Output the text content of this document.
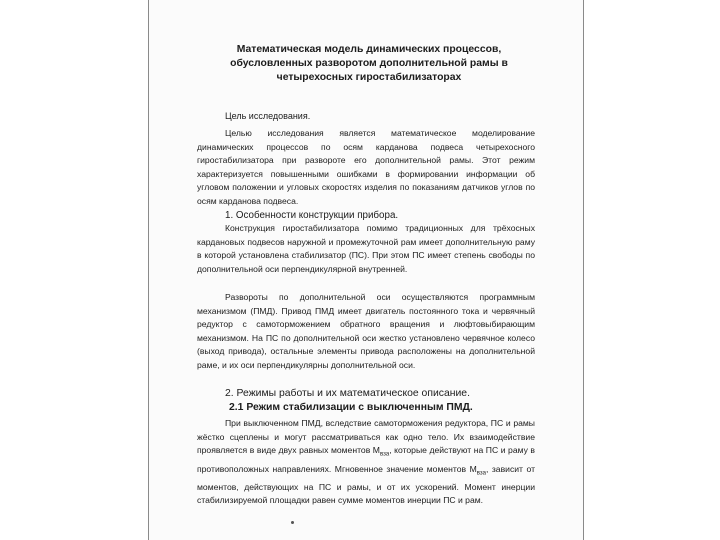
Математическая модель динамических процессов,
обусловленных разворотом дополнительной рамы в
четырехосных гиростабилизаторах
Цель исследования.
Целью исследования является математическое моделирование динамических процессов по осям карданова подвеса четырехосного гиростабилизатора при развороте его дополнительной рамы. Этот режим характеризуется повышенными ошибками в формировании информации об угловом положении и угловых скоростях изделия по показаниям датчиков углов по осям карданова подвеса.
1. Особенности конструкции прибора.
Конструкция гиростабилизатора помимо традиционных для трёхосных кардановых подвесов наружной и промежуточной рам имеет дополнительную раму в которой установлена стабилизатор (ПС). При этом ПС имеет степень свободы по дополнительной оси перпендикулярной внутренней.
Развороты по дополнительной оси осуществляются программным механизмом (ПМД). Привод ПМД имеет двигатель постоянного тока и червячный редуктор с самоторможением обратного вращения и люфтовыбирающим механизмом. На ПС по дополнительной оси жестко установлено червячное колесо (выход привода), остальные элементы привода расположены на дополнительной раме, и их оси перпендикулярны дополнительной оси.
2. Режимы работы и их математическое описание.
2.1 Режим стабилизации с выключенным ПМД.
При выключенном ПМД, вследствие самоторможения редуктора, ПС и рамы жёстко сцеплены и могут рассматриваться как одно тело. Их взаимодействие проявляется в виде двух равных моментов $M_{вза}$, которые действуют на ПС и раму в противоположных направлениях. Мгновенное значение моментов $M_{вза}$, зависит от моментов, действующих на ПС и рамы, и от их ускорений. Момент инерции стабилизируемой площадки равен сумме моментов инерции ПС и рам.
